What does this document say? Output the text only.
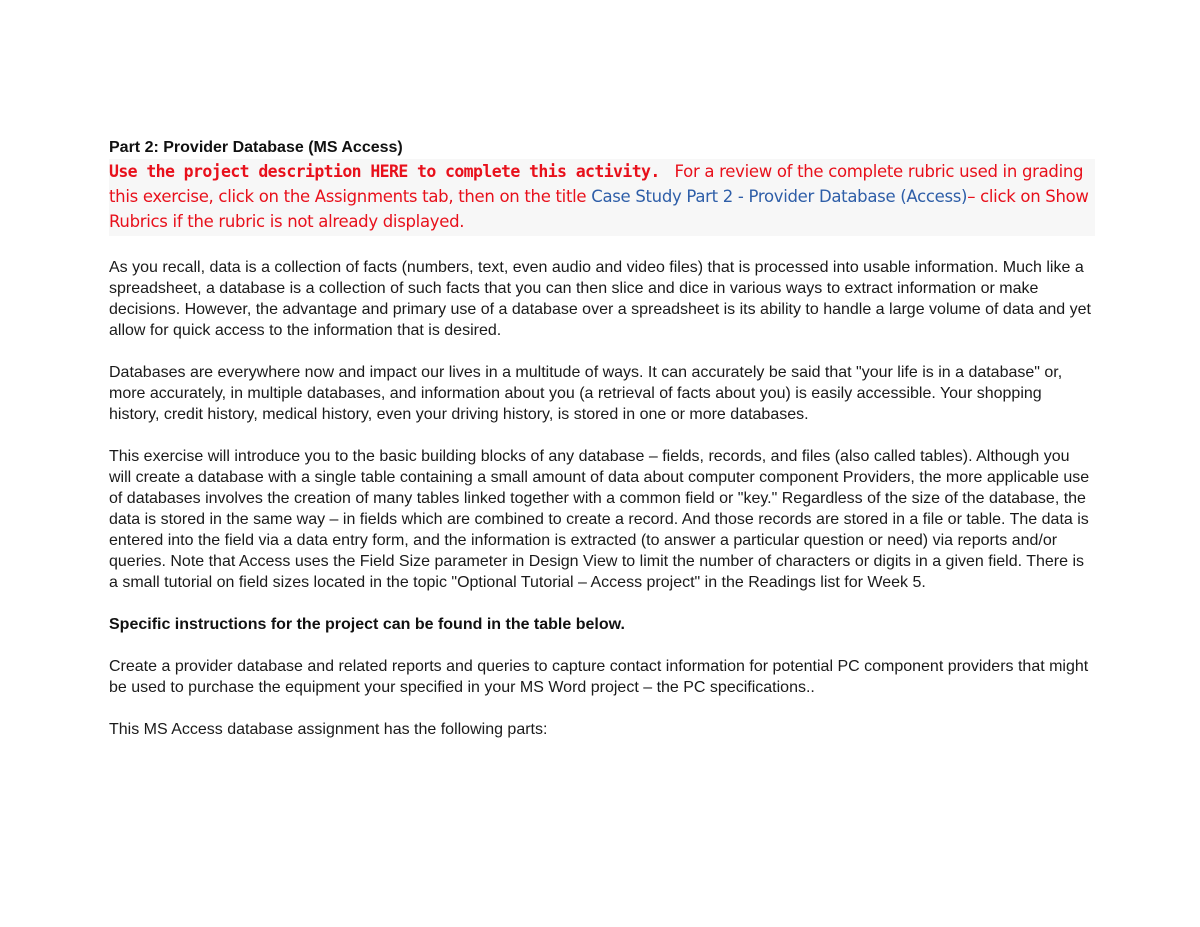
Part 2: Provider Database (MS Access)

Use the project description HERE to complete this activity.   For a review of the complete rubric used in grading this exercise, click on the Assignments tab, then on the title Case Study Part 2 - Provider Database (Access)– click on Show Rubrics if the rubric is not already displayed.

As you recall, data is a collection of facts (numbers, text, even audio and video files) that is processed into usable information. Much like a spreadsheet, a database is a collection of such facts that you can then slice and dice in various ways to extract information or make decisions. However, the advantage and primary use of a database over a spreadsheet is its ability to handle a large volume of data and yet allow for quick access to the information that is desired.

Databases are everywhere now and impact our lives in a multitude of ways. It can accurately be said that "your life is in a database" or, more accurately, in multiple databases, and information about you (a retrieval of facts about you) is easily accessible. Your shopping history, credit history, medical history, even your driving history, is stored in one or more databases.

This exercise will introduce you to the basic building blocks of any database – fields, records, and files (also called tables). Although you will create a database with a single table containing a small amount of data about computer component Providers, the more applicable use of databases involves the creation of many tables linked together with a common field or "key." Regardless of the size of the database, the data is stored in the same way – in fields which are combined to create a record. And those records are stored in a file or table. The data is entered into the field via a data entry form, and the information is extracted (to answer a particular question or need) via reports and/or queries. Note that Access uses the Field Size parameter in Design View to limit the number of characters or digits in a given field. There is a small tutorial on field sizes located in the topic "Optional Tutorial – Access project" in the Readings list for Week 5.

Specific instructions for the project can be found in the table below.

Create a provider database and related reports and queries to capture contact information for potential PC component providers that might be used to purchase the equipment your specified in your MS Word project – the PC specifications..

This MS Access database assignment has the following parts:
